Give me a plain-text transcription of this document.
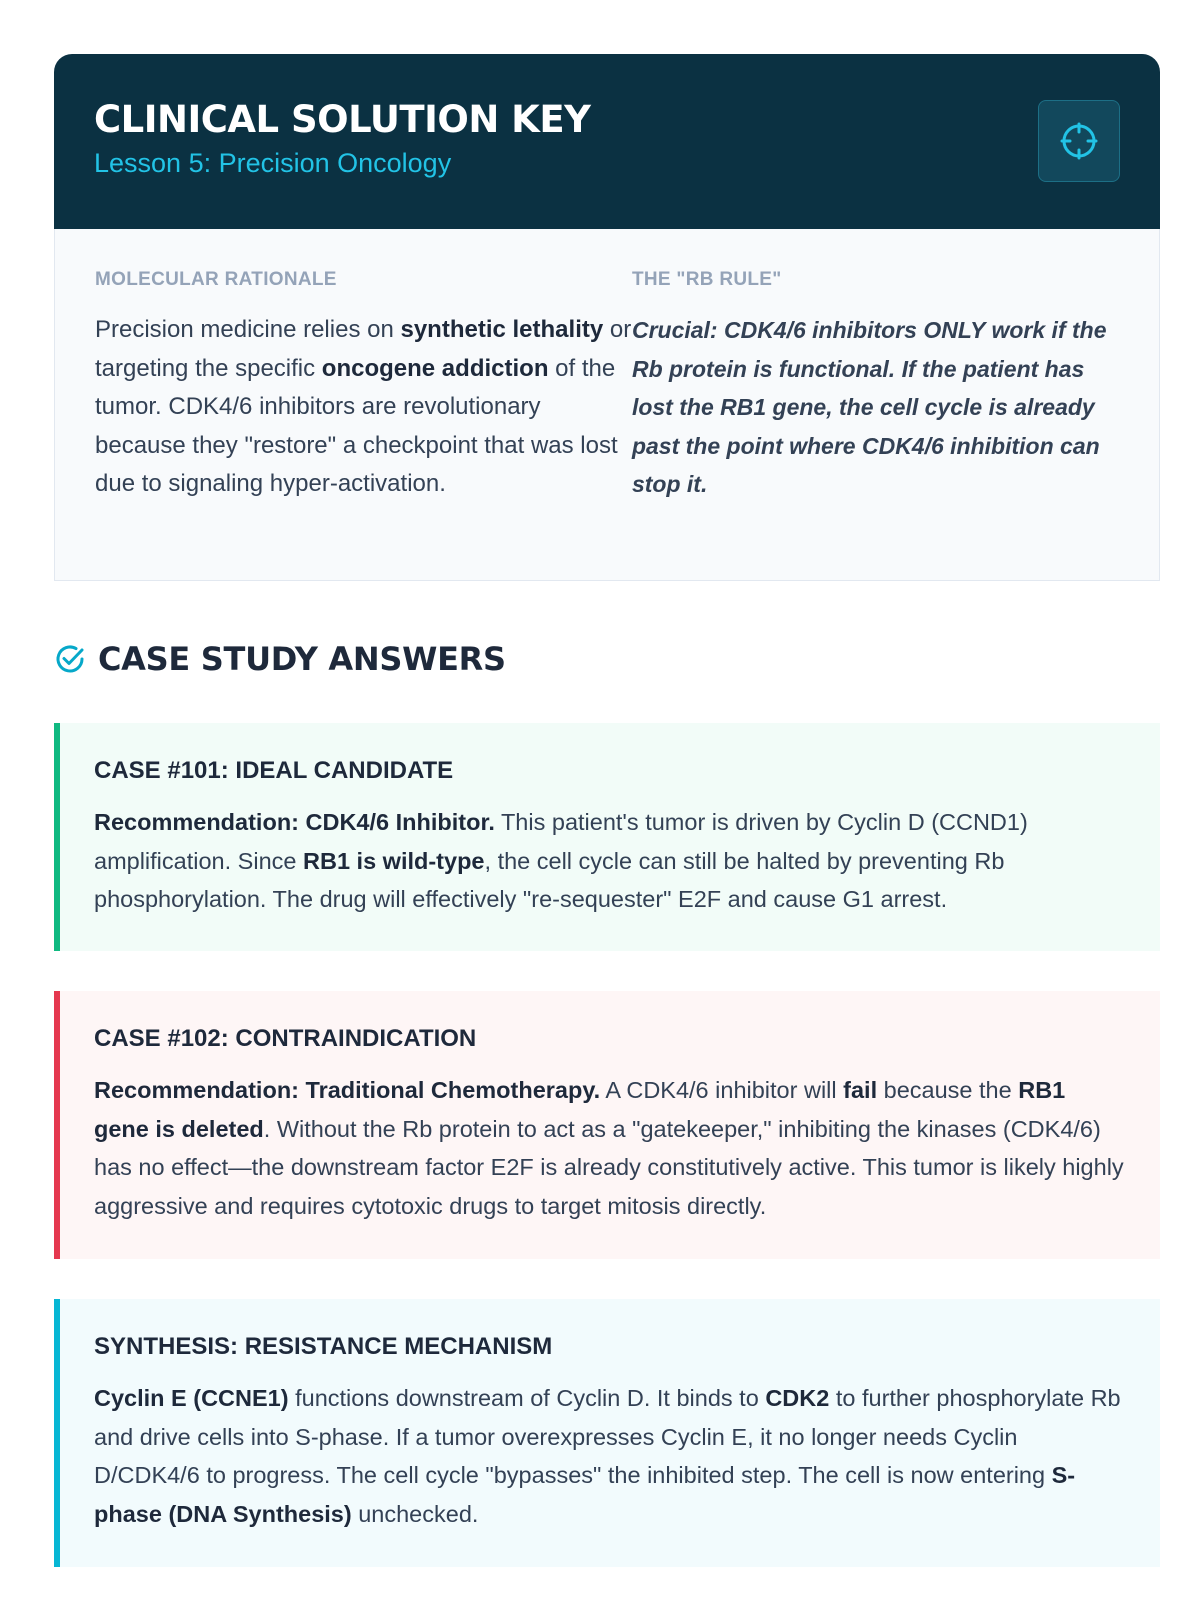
CLINICAL SOLUTION KEY
Lesson 5: Precision Oncology
MOLECULAR RATIONALE
Precision medicine relies on synthetic lethality or targeting the specific oncogene addiction of the tumor. CDK4/6 inhibitors are revolutionary because they "restore" a checkpoint that was lost due to signaling hyper-activation.
THE "RB RULE"
Crucial: CDK4/6 inhibitors ONLY work if the Rb protein is functional. If the patient has lost the RB1 gene, the cell cycle is already past the point where CDK4/6 inhibition can stop it.
CASE STUDY ANSWERS
CASE #101: IDEAL CANDIDATE
Recommendation: CDK4/6 Inhibitor. This patient's tumor is driven by Cyclin D (CCND1) amplification. Since RB1 is wild-type, the cell cycle can still be halted by preventing Rb phosphorylation. The drug will effectively "re-sequester" E2F and cause G1 arrest.
CASE #102: CONTRAINDICATION
Recommendation: Traditional Chemotherapy. A CDK4/6 inhibitor will fail because the RB1 gene is deleted. Without the Rb protein to act as a "gatekeeper," inhibiting the kinases (CDK4/6) has no effect—the downstream factor E2F is already constitutively active. This tumor is likely highly aggressive and requires cytotoxic drugs to target mitosis directly.
SYNTHESIS: RESISTANCE MECHANISM
Cyclin E (CCNE1) functions downstream of Cyclin D. It binds to CDK2 to further phosphorylate Rb and drive cells into S-phase. If a tumor overexpresses Cyclin E, it no longer needs Cyclin D/CDK4/6 to progress. The cell cycle "bypasses" the inhibited step. The cell is now entering S-phase (DNA Synthesis) unchecked.
